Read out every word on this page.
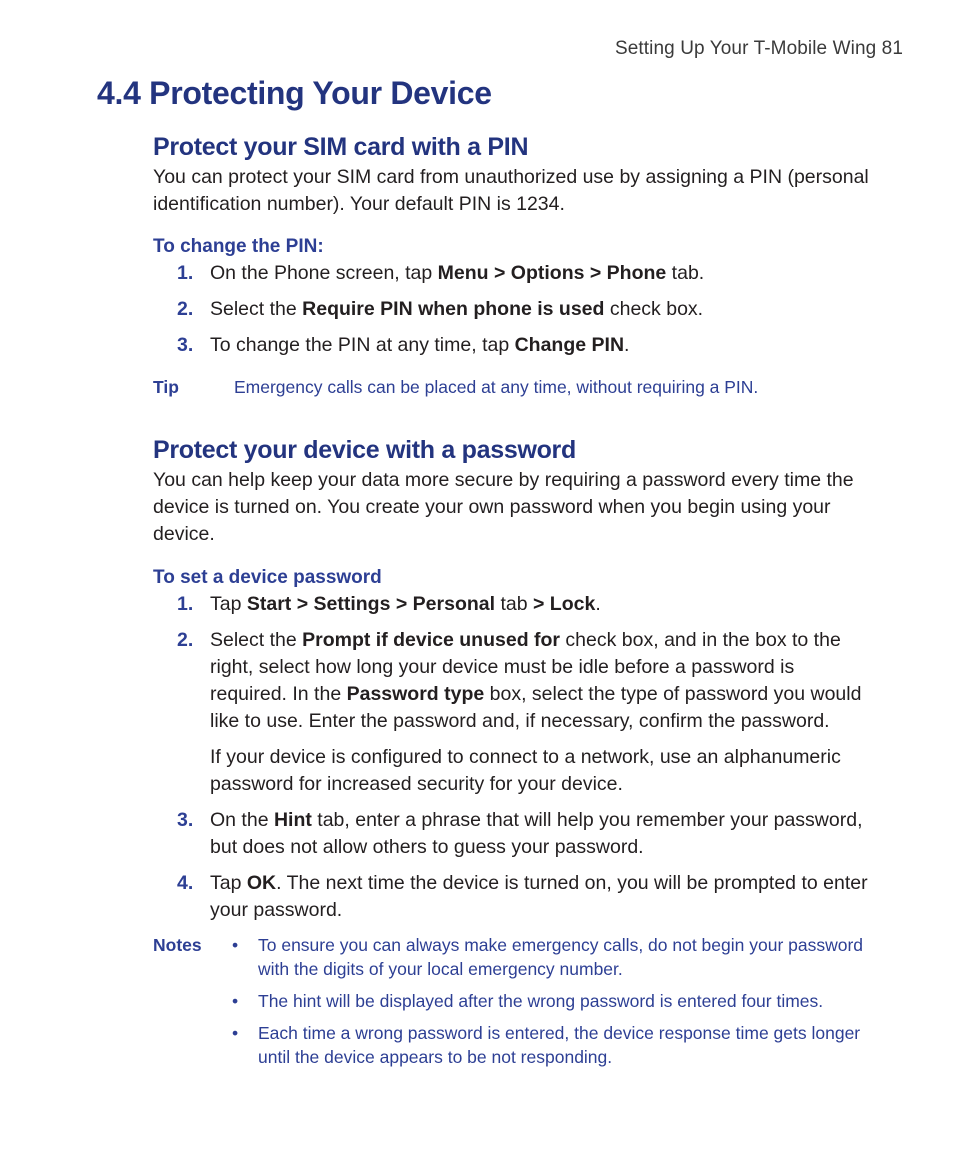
Setting Up Your T-Mobile Wing 81
4.4 Protecting Your Device
Protect your SIM card with a PIN

You can protect your SIM card from unauthorized use by assigning a PIN (personal identification number). Your default PIN is 1234.

To change the PIN:
1. On the Phone screen, tap Menu > Options > Phone tab.
2. Select the Require PIN when phone is used check box.
3. To change the PIN at any time, tap Change PIN.
Tip	Emergency calls can be placed at any time, without requiring a PIN.
Protect your device with a password

You can help keep your data more secure by requiring a password every time the device is turned on. You create your own password when you begin using your device.

To set a device password
1. Tap Start > Settings > Personal tab > Lock.
2. Select the Prompt if device unused for check box, and in the box to the right, select how long your device must be idle before a password is required. In the Password type box, select the type of password you would like to use. Enter the password and, if necessary, confirm the password.
If your device is configured to connect to a network, use an alphanumeric password for increased security for your device.
3. On the Hint tab, enter a phrase that will help you remember your password, but does not allow others to guess your password.
4. Tap OK. The next time the device is turned on, you will be prompted to enter your password.
Notes • To ensure you can always make emergency calls, do not begin your password with the digits of your local emergency number.
• The hint will be displayed after the wrong password is entered four times.
• Each time a wrong password is entered, the device response time gets longer until the device appears to be not responding.
